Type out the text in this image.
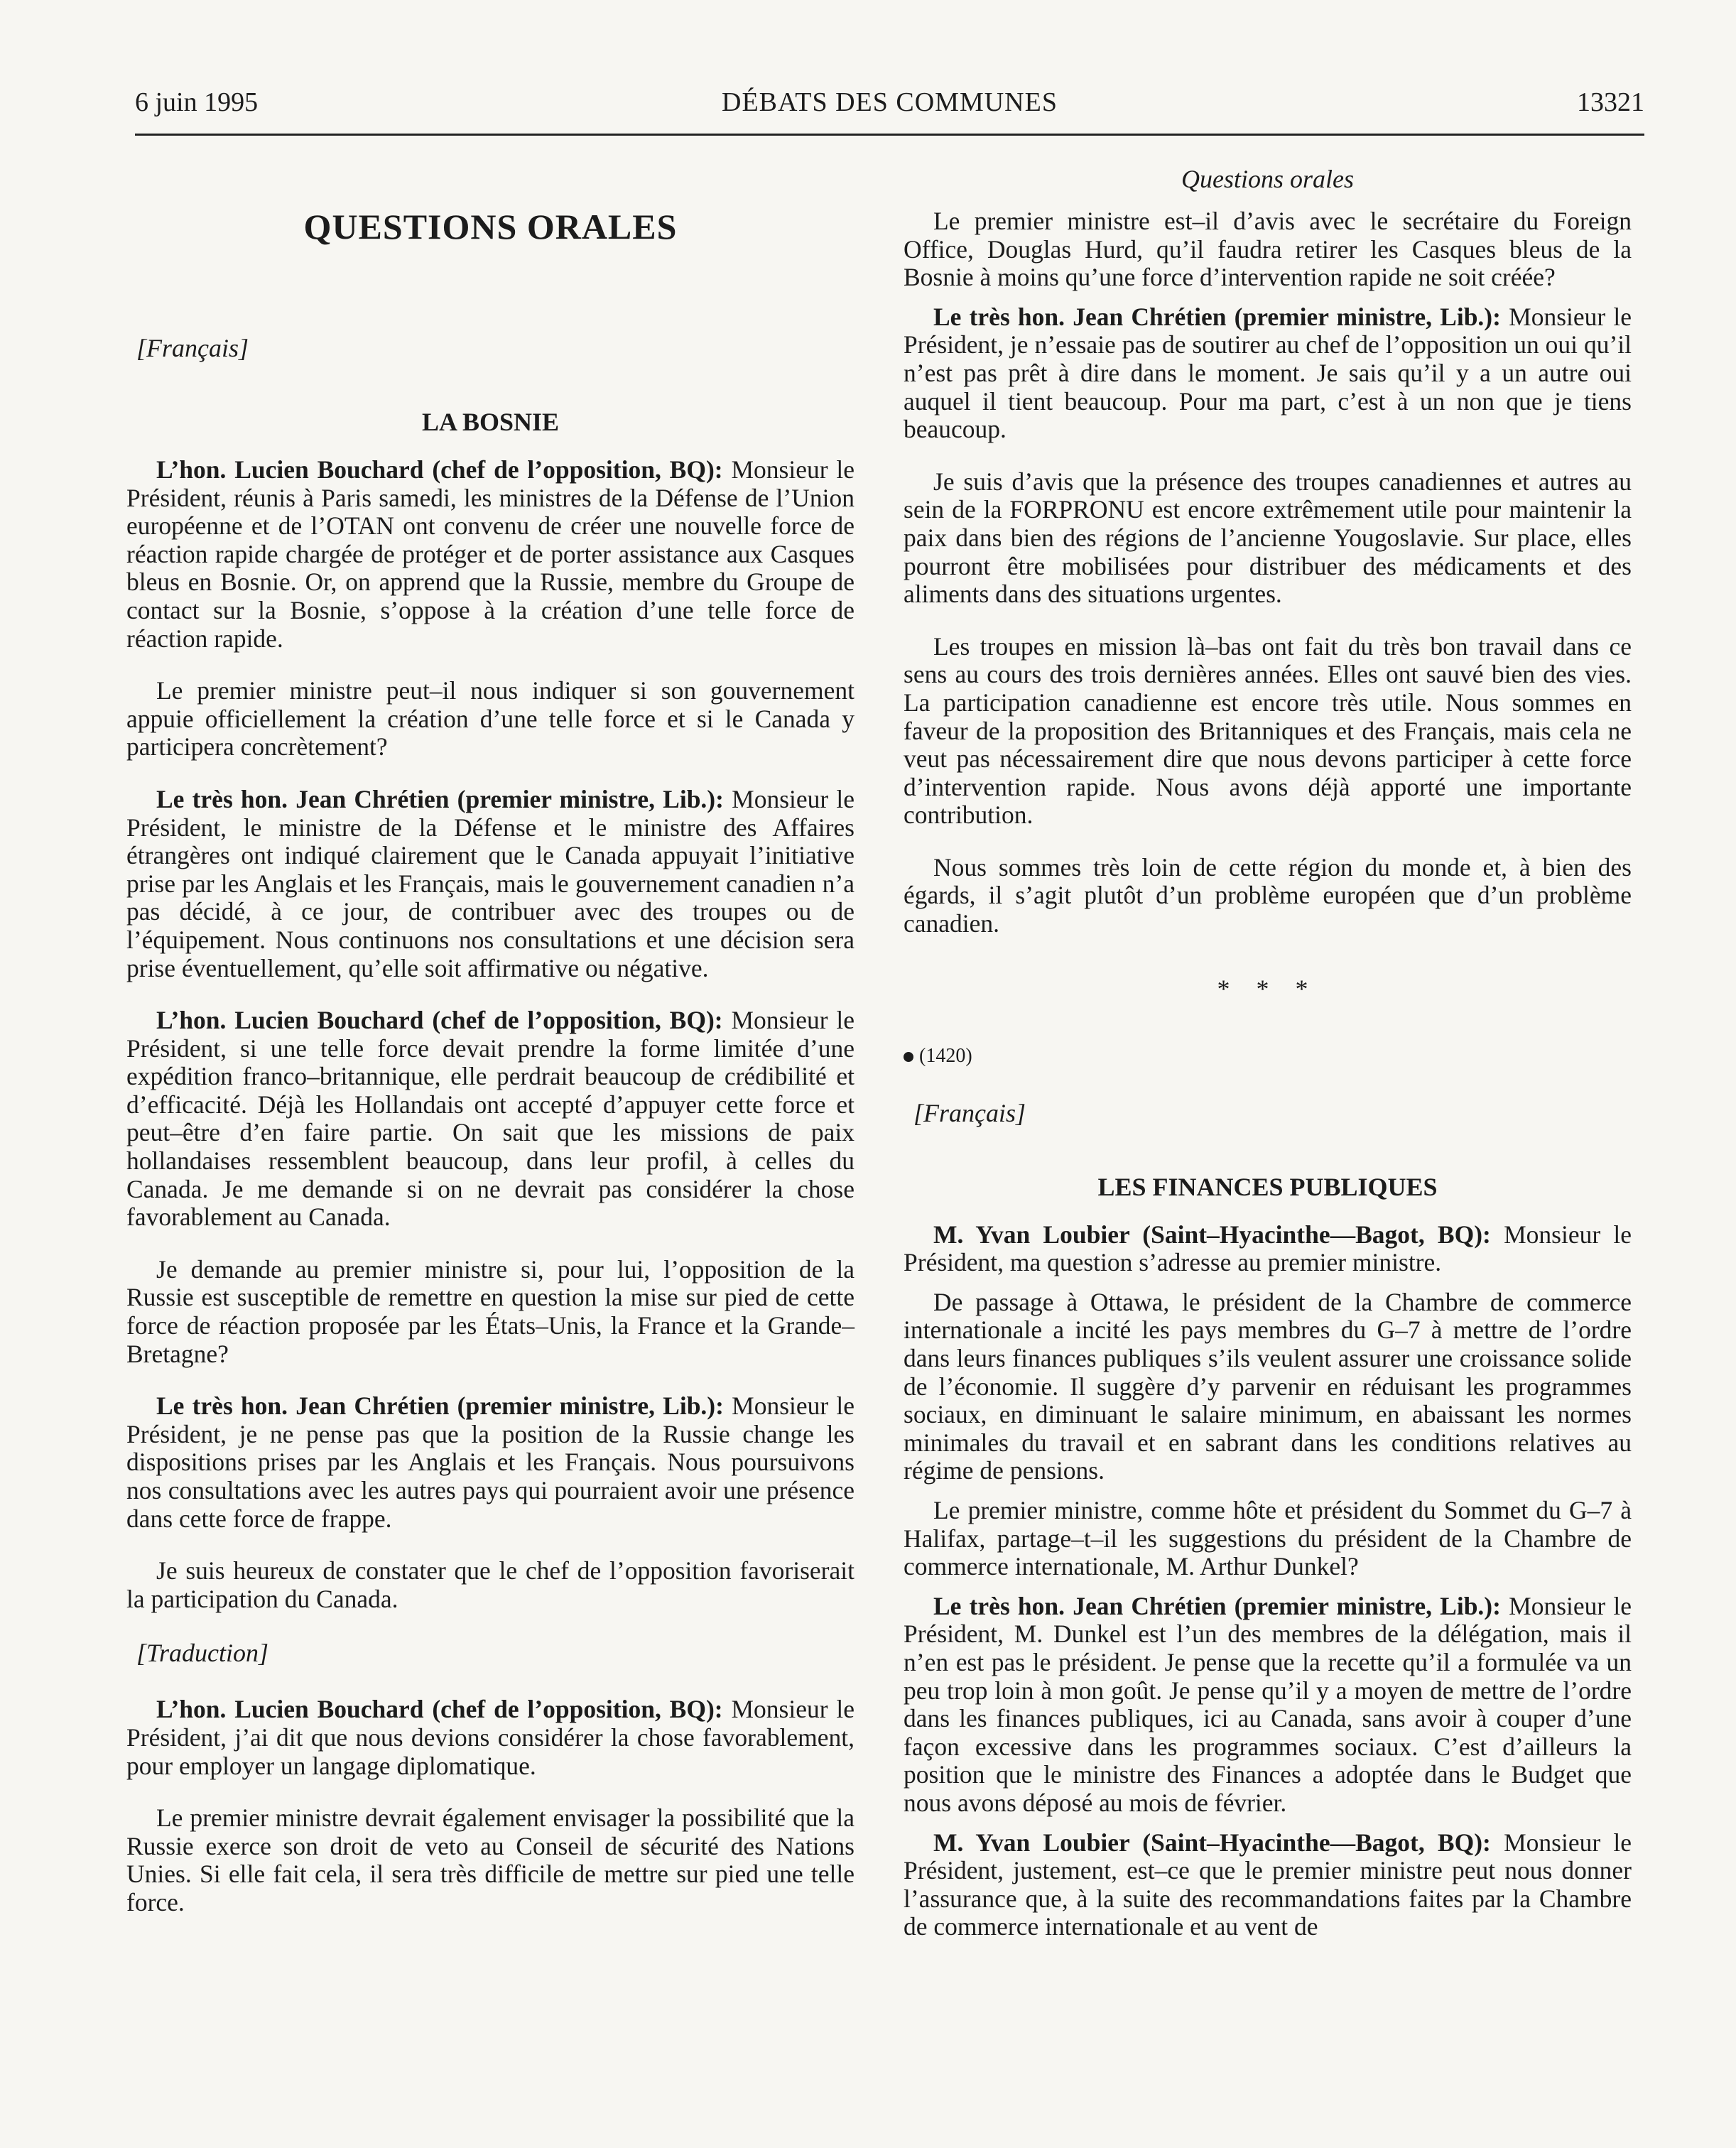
6 juin 1995	DÉBATS DES COMMUNES	13321
QUESTIONS ORALES
[Français]
LA BOSNIE

L’hon. Lucien Bouchard (chef de l’opposition, BQ): Monsieur le Président, réunis à Paris samedi, les ministres de la Défense de l’Union européenne et de l’OTAN ont convenu de créer une nouvelle force de réaction rapide chargée de protéger et de porter assistance aux Casques bleus en Bosnie. Or, on apprend que la Russie, membre du Groupe de contact sur la Bosnie, s’oppose à la création d’une telle force de réaction rapide.

Le premier ministre peut–il nous indiquer si son gouvernement appuie officiellement la création d’une telle force et si le Canada y participera concrètement?

Le très hon. Jean Chrétien (premier ministre, Lib.): Monsieur le Président, le ministre de la Défense et le ministre des Affaires étrangères ont indiqué clairement que le Canada appuyait l’initiative prise par les Anglais et les Français, mais le gouvernement canadien n’a pas décidé, à ce jour, de contribuer avec des troupes ou de l’équipement. Nous continuons nos consultations et une décision sera prise éventuellement, qu’elle soit affirmative ou négative.

L’hon. Lucien Bouchard (chef de l’opposition, BQ): Monsieur le Président, si une telle force devait prendre la forme limitée d’une expédition franco–britannique, elle perdrait beaucoup de crédibilité et d’efficacité. Déjà les Hollandais ont accepté d’appuyer cette force et peut–être d’en faire partie. On sait que les missions de paix hollandaises ressemblent beaucoup, dans leur profil, à celles du Canada. Je me demande si on ne devrait pas considérer la chose favorablement au Canada.

Je demande au premier ministre si, pour lui, l’opposition de la Russie est susceptible de remettre en question la mise sur pied de cette force de réaction proposée par les États–Unis, la France et la Grande–Bretagne?

Le très hon. Jean Chrétien (premier ministre, Lib.): Monsieur le Président, je ne pense pas que la position de la Russie change les dispositions prises par les Anglais et les Français. Nous poursuivons nos consultations avec les autres pays qui pourraient avoir une présence dans cette force de frappe.

Je suis heureux de constater que le chef de l’opposition favoriserait la participation du Canada.

[Traduction]

L’hon. Lucien Bouchard (chef de l’opposition, BQ): Monsieur le Président, j’ai dit que nous devions considérer la chose favorablement, pour employer un langage diplomatique.

Le premier ministre devrait également envisager la possibilité que la Russie exerce son droit de veto au Conseil de sécurité des Nations Unies. Si elle fait cela, il sera très difficile de mettre sur pied une telle force.

Questions orales

Le premier ministre est–il d’avis avec le secrétaire du Foreign Office, Douglas Hurd, qu’il faudra retirer les Casques bleus de la Bosnie à moins qu’une force d’intervention rapide ne soit créée?

Le très hon. Jean Chrétien (premier ministre, Lib.): Monsieur le Président, je n’essaie pas de soutirer au chef de l’opposition un oui qu’il n’est pas prêt à dire dans le moment. Je sais qu’il y a un autre oui auquel il tient beaucoup. Pour ma part, c’est à un non que je tiens beaucoup.

Je suis d’avis que la présence des troupes canadiennes et autres au sein de la FORPRONU est encore extrêmement utile pour maintenir la paix dans bien des régions de l’ancienne Yougoslavie. Sur place, elles pourront être mobilisées pour distribuer des médicaments et des aliments dans des situations urgentes.

Les troupes en mission là–bas ont fait du très bon travail dans ce sens au cours des trois dernières années. Elles ont sauvé bien des vies. La participation canadienne est encore très utile. Nous sommes en faveur de la proposition des Britanniques et des Français, mais cela ne veut pas nécessairement dire que nous devons participer à cette force d’intervention rapide. Nous avons déjà apporté une importante contribution.

Nous sommes très loin de cette région du monde et, à bien des égards, il s’agit plutôt d’un problème européen que d’un problème canadien.

* * *
(1420)
[Français]
LES FINANCES PUBLIQUES

M. Yvan Loubier (Saint–Hyacinthe—Bagot, BQ): Monsieur le Président, ma question s’adresse au premier ministre.

De passage à Ottawa, le président de la Chambre de commerce internationale a incité les pays membres du G–7 à mettre de l’ordre dans leurs finances publiques s’ils veulent assurer une croissance solide de l’économie. Il suggère d’y parvenir en réduisant les programmes sociaux, en diminuant le salaire minimum, en abaissant les normes minimales du travail et en sabrant dans les conditions relatives au régime de pensions.

Le premier ministre, comme hôte et président du Sommet du G–7 à Halifax, partage–t–il les suggestions du président de la Chambre de commerce internationale, M. Arthur Dunkel?

Le très hon. Jean Chrétien (premier ministre, Lib.): Monsieur le Président, M. Dunkel est l’un des membres de la délégation, mais il n’en est pas le président. Je pense que la recette qu’il a formulée va un peu trop loin à mon goût. Je pense qu’il y a moyen de mettre de l’ordre dans les finances publiques, ici au Canada, sans avoir à couper d’une façon excessive dans les programmes sociaux. C’est d’ailleurs la position que le ministre des Finances a adoptée dans le Budget que nous avons déposé au mois de février.

M. Yvan Loubier (Saint–Hyacinthe—Bagot, BQ): Monsieur le Président, justement, est–ce que le premier ministre peut nous donner l’assurance que, à la suite des recommandations faites par la Chambre de commerce internationale et au vent de
